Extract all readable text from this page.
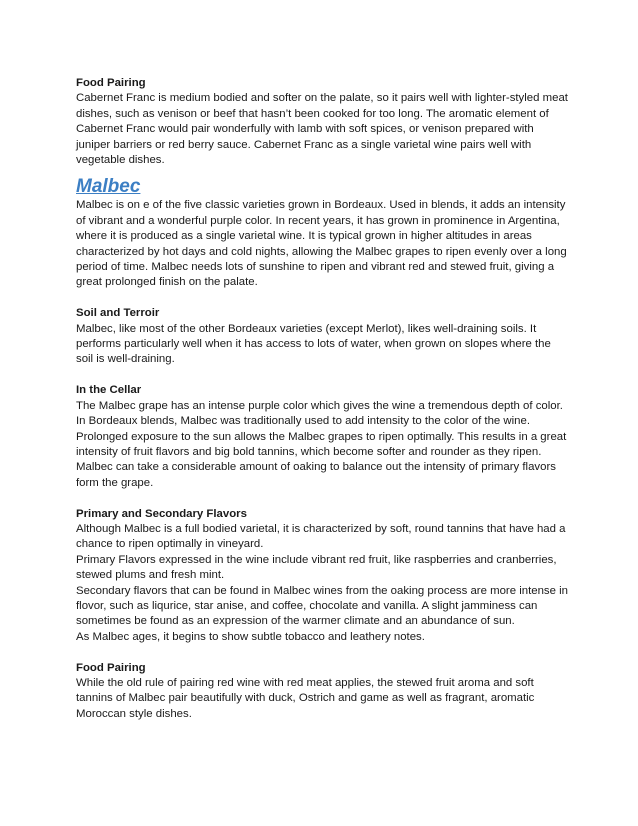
Food Pairing

Cabernet Franc is medium bodied and softer on the palate, so it pairs well with lighter-styled meat dishes, such as venison or beef that hasn’t been cooked for too long. The aromatic element of Cabernet Franc would pair wonderfully with lamb with soft spices, or venison prepared with juniper barriers or red berry sauce. Cabernet Franc as a single varietal wine pairs well with vegetable dishes.

Malbec

Malbec is on e of the five classic varieties grown in Bordeaux. Used in blends, it adds an intensity of vibrant and a wonderful purple color. In recent years, it has grown in prominence in Argentina, where it is produced as a single varietal wine. It is typical grown in higher altitudes in areas characterized by hot days and cold nights, allowing the Malbec grapes to ripen evenly over a long period of time. Malbec needs lots of sunshine to ripen and vibrant red and stewed fruit, giving a great prolonged finish on the palate.

Soil and Terroir

Malbec, like most of the other Bordeaux varieties (except Merlot), likes well-draining soils. It performs particularly well when it has access to lots of water, when grown on slopes where the soil is well-draining.

In the Cellar

The Malbec grape has an intense purple color which gives the wine a tremendous depth of color. In Bordeaux blends, Malbec was traditionally used to add intensity to the color of the wine. Prolonged exposure to the sun allows the Malbec grapes to ripen optimally. This results in a great intensity of fruit flavors and big bold tannins, which become softer and rounder as they ripen. Malbec can take a considerable amount of oaking to balance out the intensity of primary flavors form the grape.

Primary and Secondary Flavors

Although Malbec is a full bodied varietal, it is characterized by soft, round tannins that have had a chance to ripen optimally in vineyard.

Primary Flavors expressed in the wine include vibrant red fruit, like raspberries and cranberries, stewed plums and fresh mint.

Secondary flavors that can be found in Malbec wines from the oaking process are more intense in flovor, such as liqurice, star anise, and coffee, chocolate and vanilla. A slight jamminess can sometimes be found as an expression of the warmer climate and an abundance of sun.

As Malbec ages, it begins to show subtle tobacco and leathery notes.

Food Pairing

While the old rule of pairing red wine with red meat applies, the stewed fruit aroma and soft tannins of Malbec pair beautifully with duck, Ostrich and game as well as fragrant, aromatic Moroccan style dishes.
